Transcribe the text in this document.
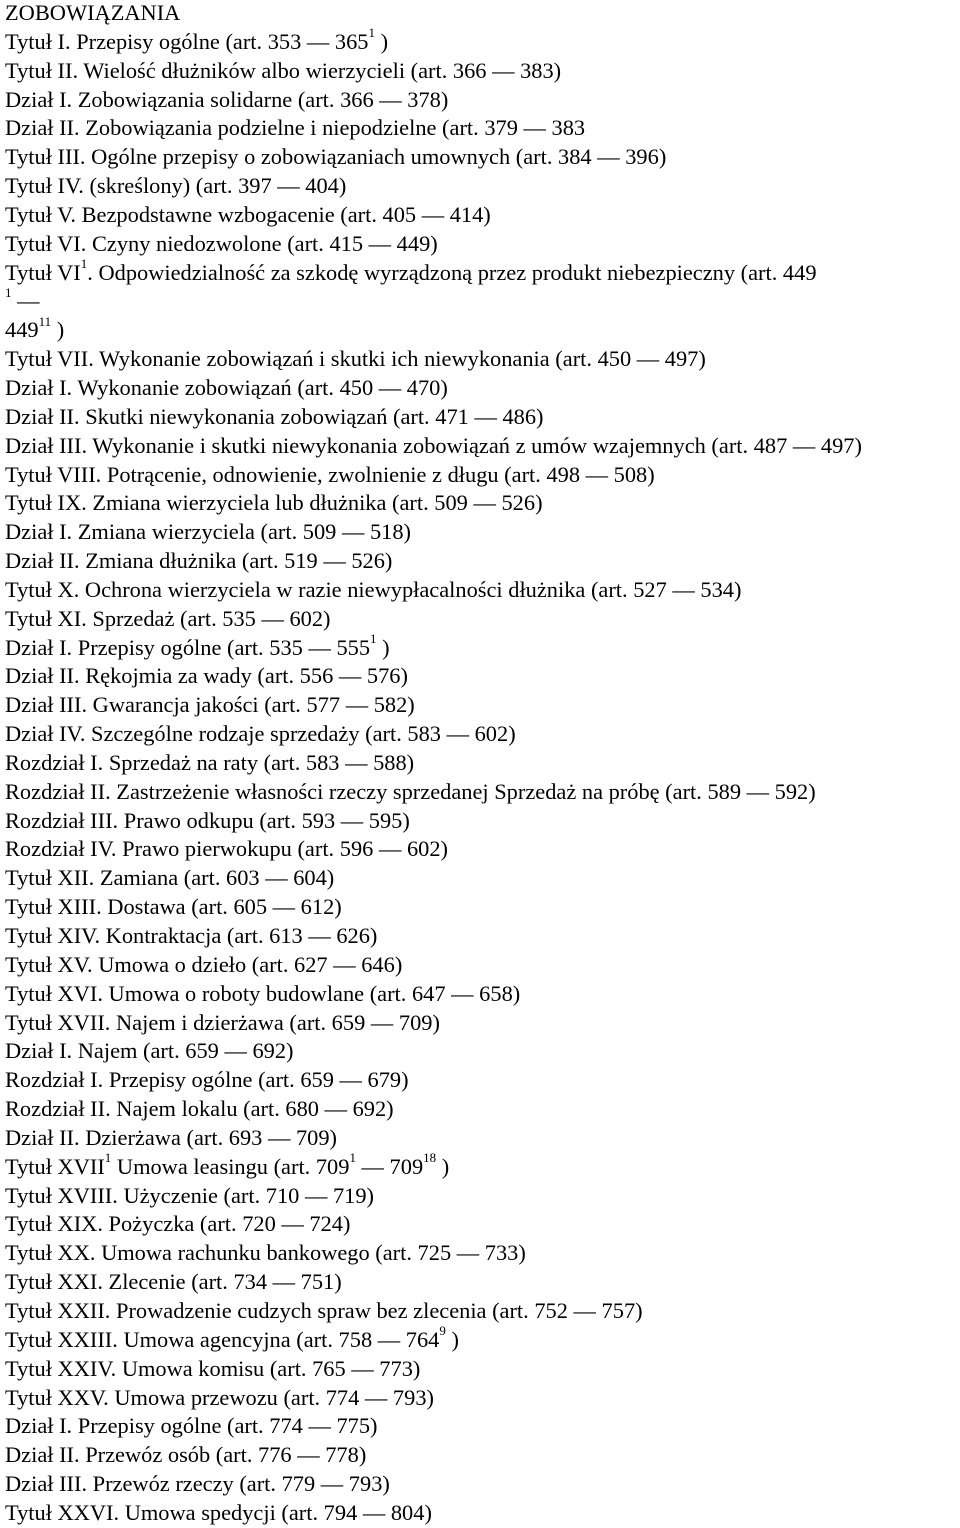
ZOBOWIĄZANIA
Tytuł I. Przepisy ogólne (art. 353 — $365^1$ )
Tytuł II. Wielość dłużników albo wierzycieli (art. 366 — 383)
Dział I. Zobowiązania solidarne (art. 366 — 378)
Dział II. Zobowiązania podzielne i niepodzielne (art. 379 — 383
Tytuł III. Ogólne przepisy o zobowiązaniach umownych (art. 384 — 396)
Tytuł IV. (skreślony) (art. 397 — 404)
Tytuł V. Bezpodstawne wzbogacenie (art. 405 — 414)
Tytuł VI. Czyny niedozwolone (art. 415 — 449)
Tytuł $VI^1$. Odpowiedzialność za szkodę wyrządzoną przez produkt niebezpieczny (art. 449
$^1$ —
$449^{11}$ )
Tytuł VII. Wykonanie zobowiązań i skutki ich niewykonania (art. 450 — 497)
Dział I. Wykonanie zobowiązań (art. 450 — 470)
Dział II. Skutki niewykonania zobowiązań (art. 471 — 486)
Dział III. Wykonanie i skutki niewykonania zobowiązań z umów wzajemnych (art. 487 — 497)
Tytuł VIII. Potrącenie, odnowienie, zwolnienie z długu (art. 498 — 508)
Tytuł IX. Zmiana wierzyciela lub dłużnika (art. 509 — 526)
Dział I. Zmiana wierzyciela (art. 509 — 518)
Dział II. Zmiana dłużnika (art. 519 — 526)
Tytuł X. Ochrona wierzyciela w razie niewypłacalności dłużnika (art. 527 — 534)
Tytuł XI. Sprzedaż (art. 535 — 602)
Dział I. Przepisy ogólne (art. 535 — $555^1$ )
Dział II. Rękojmia za wady (art. 556 — 576)
Dział III. Gwarancja jakości (art. 577 — 582)
Dział IV. Szczególne rodzaje sprzedaży (art. 583 — 602)
Rozdział I. Sprzedaż na raty (art. 583 — 588)
Rozdział II. Zastrzeżenie własności rzeczy sprzedanej Sprzedaż na próbę (art. 589 — 592)
Rozdział III. Prawo odkupu (art. 593 — 595)
Rozdział IV. Prawo pierwokupu (art. 596 — 602)
Tytuł XII. Zamiana (art. 603 — 604)
Tytuł XIII. Dostawa (art. 605 — 612)
Tytuł XIV. Kontraktacja (art. 613 — 626)
Tytuł XV. Umowa o dzieło (art. 627 — 646)
Tytuł XVI. Umowa o roboty budowlane (art. 647 — 658)
Tytuł XVII. Najem i dzierżawa (art. 659 — 709)
Dział I. Najem (art. 659 — 692)
Rozdział I. Przepisy ogólne (art. 659 — 679)
Rozdział II. Najem lokalu (art. 680 — 692)
Dział II. Dzierżawa (art. 693 — 709)
Tytuł XVII$^1$ Umowa leasingu (art. $709^1$ — $709^{18}$ )
Tytuł XVIII. Użyczenie (art. 710 — 719)
Tytuł XIX. Pożyczka (art. 720 — 724)
Tytuł XX. Umowa rachunku bankowego (art. 725 — 733)
Tytuł XXI. Zlecenie (art. 734 — 751)
Tytuł XXII. Prowadzenie cudzych spraw bez zlecenia (art. 752 — 757)
Tytuł XXIII. Umowa agencyjna (art. 758 — $764^9$ )
Tytuł XXIV. Umowa komisu (art. 765 — 773)
Tytuł XXV. Umowa przewozu (art. 774 — 793)
Dział I. Przepisy ogólne (art. 774 — 775)
Dział II. Przewóz osób (art. 776 — 778)
Dział III. Przewóz rzeczy (art. 779 — 793)
Tytuł XXVI. Umowa spedycji (art. 794 — 804)
